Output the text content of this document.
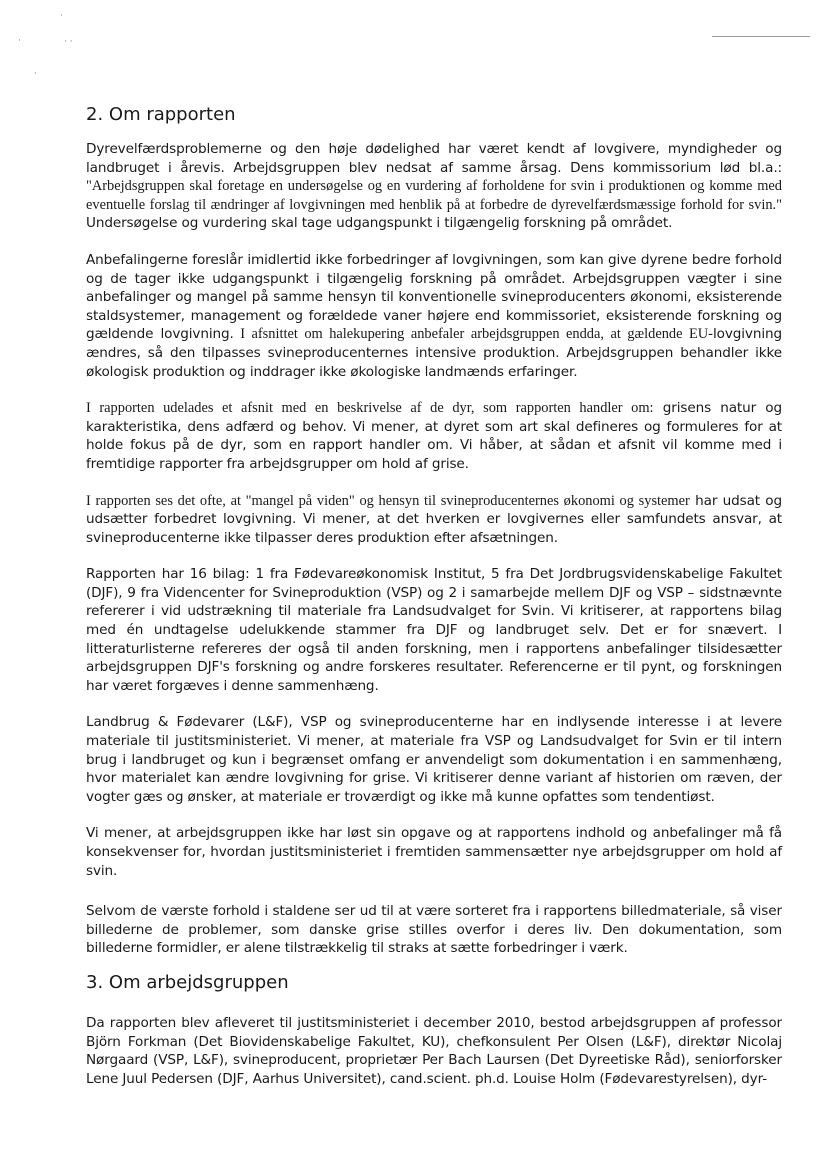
·
· ·
·
·
2. Om rapporten

Dyrevelfærdsproblemerne og den høje dødelighed har været kendt af lovgivere, myndigheder og landbruget i årevis. Arbejdsgruppen blev nedsat af samme årsag. Dens kommissorium lød bl.a.: "Arbejdsgruppen skal foretage en undersøgelse og en vurdering af forholdene for svin i produktionen og komme med eventuelle forslag til ændringer af lovgivningen med henblik på at forbedre de dyrevelfærdsmæssige forhold for svin." Undersøgelse og vurdering skal tage udgangspunkt i tilgængelig forskning på området.

Anbefalingerne foreslår imidlertid ikke forbedringer af lovgivningen, som kan give dyrene bedre forhold og de tager ikke udgangspunkt i tilgængelig forskning på området. Arbejdsgruppen vægter i sine anbefalinger og mangel på samme hensyn til konventionelle svineproducenters økonomi, eksisterende staldsystemer, management og forældede vaner højere end kommissoriet, eksisterende forskning og gældende lovgivning. I afsnittet om halekupering anbefaler arbejdsgruppen endda, at gældende EU-lovgivning ændres, så den tilpasses svineproducenternes intensive produktion. Arbejdsgruppen behandler ikke økologisk produktion og inddrager ikke økologiske landmænds erfaringer.

I rapporten udelades et afsnit med en beskrivelse af de dyr, som rapporten handler om: grisens natur og karakteristika, dens adfærd og behov. Vi mener, at dyret som art skal defineres og formuleres for at holde fokus på de dyr, som en rapport handler om. Vi håber, at sådan et afsnit vil komme med i fremtidige rapporter fra arbejdsgrupper om hold af grise.

I rapporten ses det ofte, at "mangel på viden" og hensyn til svineproducenternes økonomi og systemer har udsat og udsætter forbedret lovgivning. Vi mener, at det hverken er lovgivernes eller samfundets ansvar, at svineproducenterne ikke tilpasser deres produktion efter afsætningen.

Rapporten har 16 bilag: 1 fra Fødevareøkonomisk Institut, 5 fra Det Jordbrugsvidenskabelige Fakultet (DJF), 9 fra Videncenter for Svineproduktion (VSP) og 2 i samarbejde mellem DJF og VSP – sidstnævnte refererer i vid udstrækning til materiale fra Landsudvalget for Svin. Vi kritiserer, at rapportens bilag med én undtagelse udelukkende stammer fra DJF og landbruget selv. Det er for snævert. I litteraturlisterne refereres der også til anden forskning, men i rapportens anbefalinger tilsidesætter arbejdsgruppen DJF's forskning og andre forskeres resultater. Referencerne er til pynt, og forskningen har været forgæves i denne sammenhæng.

Landbrug & Fødevarer (L&F), VSP og svineproducenterne har en indlysende interesse i at levere materiale til justitsministeriet. Vi mener, at materiale fra VSP og Landsudvalget for Svin er til intern brug i landbruget og kun i begrænset omfang er anvendeligt som dokumentation i en sammenhæng, hvor materialet kan ændre lovgivning for grise. Vi kritiserer denne variant af historien om ræven, der vogter gæs og ønsker, at materiale er troværdigt og ikke må kunne opfattes som tendentiøst.

Vi mener, at arbejdsgruppen ikke har løst sin opgave og at rapportens indhold og anbefalinger må få konsekvenser for, hvordan justitsministeriet i fremtiden sammensætter nye arbejdsgrupper om hold af svin.

Selvom de værste forhold i staldene ser ud til at være sorteret fra i rapportens billedmateriale, så viser billederne de problemer, som danske grise stilles overfor i deres liv. Den dokumentation, som billederne formidler, er alene tilstrækkelig til straks at sætte forbedringer i værk.

3. Om arbejdsgruppen

Da rapporten blev afleveret til justitsministeriet i december 2010, bestod arbejdsgruppen af professor Björn Forkman (Det Biovidenskabelige Fakultet, KU), chefkonsulent Per Olsen (L&F), direktør Nicolaj Nørgaard (VSP, L&F), svineproducent, proprietær Per Bach Laursen (Det Dyreetiske Råd), seniorforsker Lene Juul Pedersen (DJF, Aarhus Universitet), cand.scient. ph.d. Louise Holm (Fødevarestyrelsen), dyr-
